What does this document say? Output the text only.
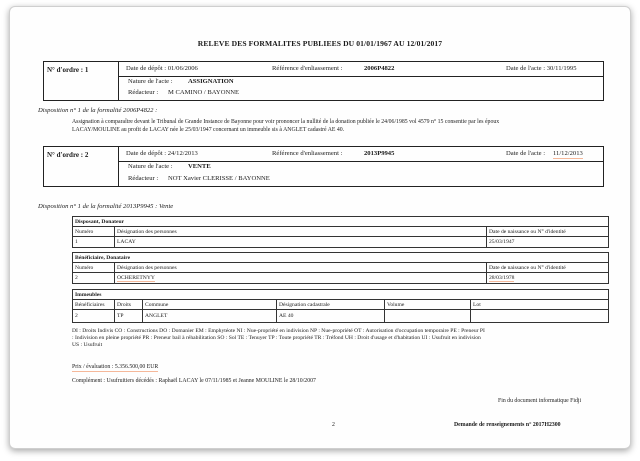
RELEVE DES FORMALITES PUBLIEES DU 01/01/1967 AU 12/01/2017
N° d'ordre : 1	Date de dépôt : 01/06/2006	Référence d'enliassement :	2006P4822	Date de l'acte : 30/11/1995
Nature de l'acte : ASSIGNATION
Rédacteur : M CAMINO / BAYONNE
Disposition n° 1 de la formalité 2006P4822 :
Assignation à comparaître devant le Tribunal de Grande Instance de Bayonne pour voir prononcer la nullité de la donation publiée le 24/06/1985 vol 4579 n° 15 consentie par les époux
LACAY/MOULINE au profit de LACAY née le 25/03/1947 concernant un immeuble sis à ANGLET cadastré AE 40.
N° d'ordre : 2	Date de dépôt : 24/12/2013	Référence d'enliassement :	2013P9945	Date de l'acte : 11/12/2013
Nature de l'acte : VENTE
Rédacteur : NOT Xavier CLERISSE / BAYONNE
Disposition n° 1 de la formalité 2013P9945 : Vente
Disposant, Donateur		
Numéro	Désignation des personnes	Date de naissance ou N° d'identité
1	LACAY	25/03/1947
Bénéficiaire, Donataire		
Numéro	Désignation des personnes	Date de naissance ou N° d'identité
2	OCHERETNYY	28/03/1978
Immeubles					
Bénéficiaires	Droits	Commune	Désignation cadastrale	Volume	Lot
2	TP	ANGLET	AE 40		
DI : Droits Indivis CO : Constructions DO : Domanier EM : Emphytéote NI : Nue-propriété en indivision NP : Nue-propriété OT : Autorisation d'occupation temporaire PE : Preneur PI
: Indivision en pleine propriété PR : Preneur bail à réhabilitation SO : Sol TE : Tenuyer TP : Toute propriété TR : Tréfond UH : Droit d'usage et d'habitation UI : Usufruit en indivision
US : Usufruit
Prix / évaluation : 5.356.500,00 EUR
Complément : Usufruitiers décédés : Raphaël LACAY le 07/11/1985 et Jeanne MOULINE le 28/10/2007
Fin du document informatique Fidji
2	Demande de renseignements n° 2017H2300
